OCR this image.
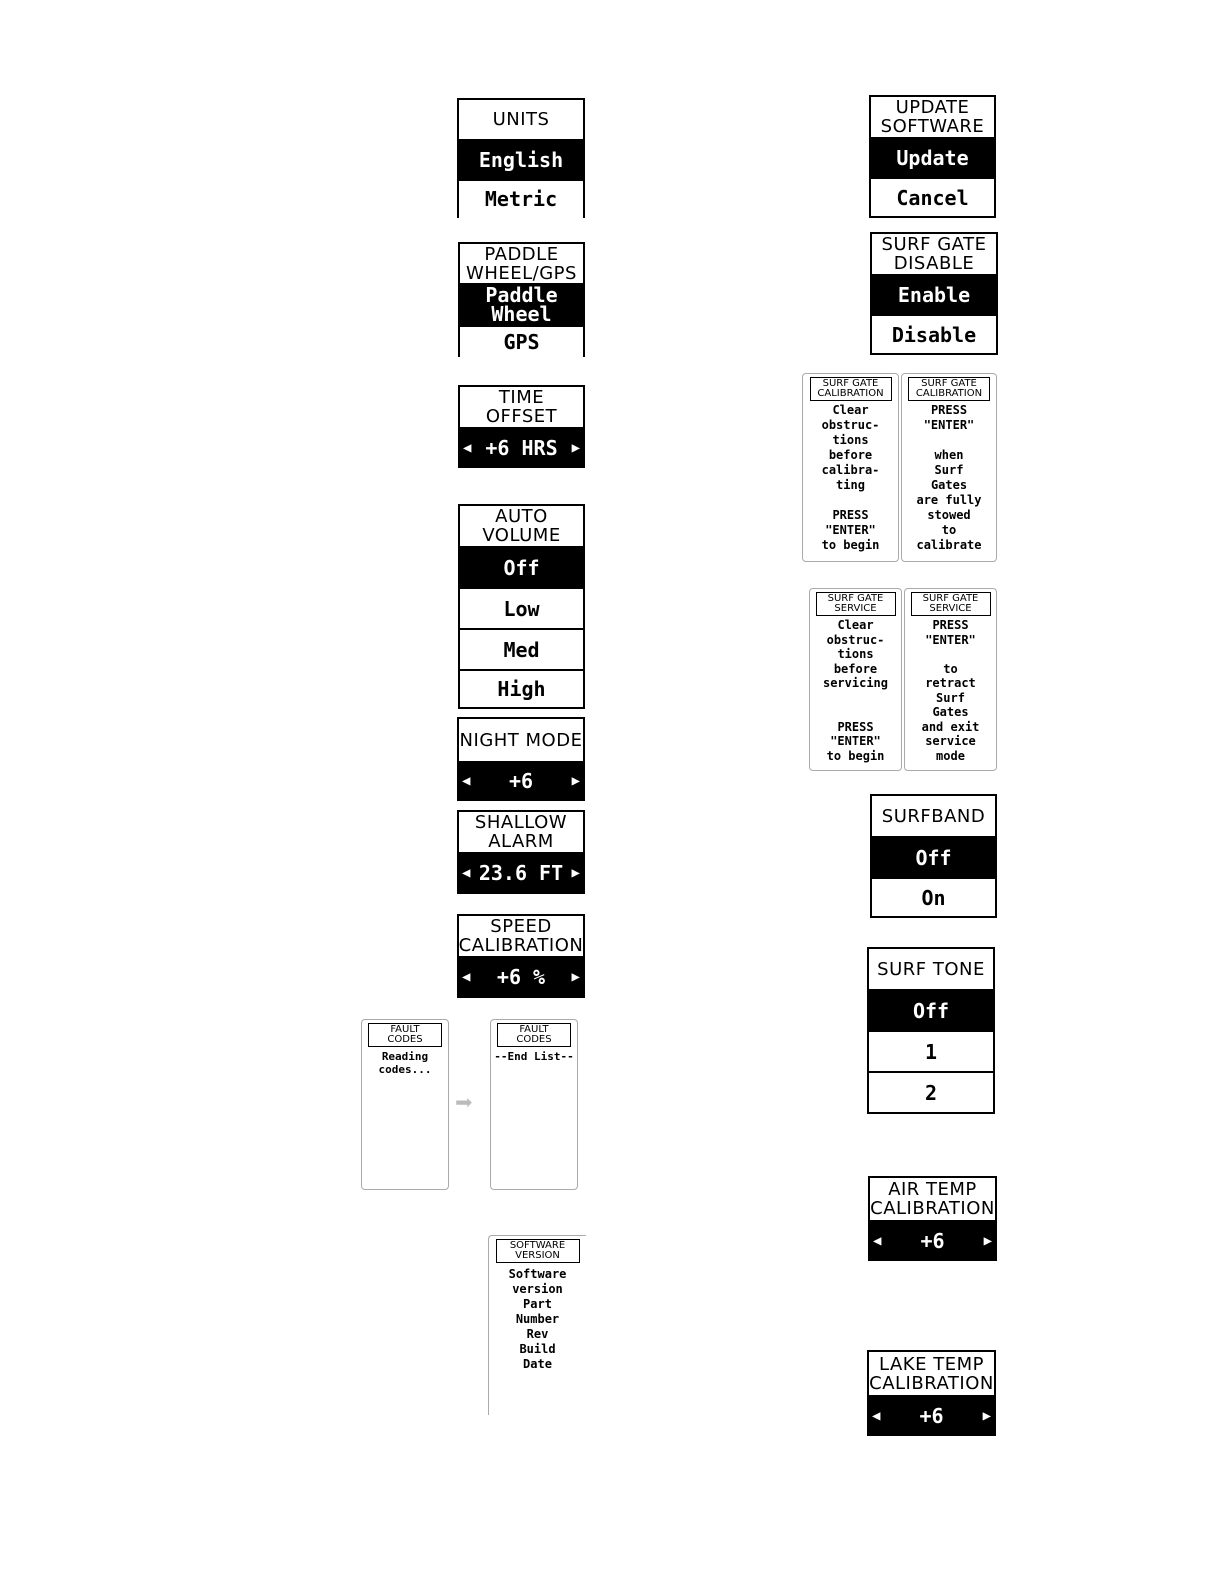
UNITS
English
Metric
PADDLE
WHEEL/GPS
Paddle
Wheel
GPS
TIME
OFFSET
◀ +6 HRS ▶
AUTO
VOLUME
Off
Low
Med
High
NIGHT MODE
◀ +6	▶
SHALLOW
ALARM
◀ 23.6 FT ▶
SPEED
CALIBRATION
◀ +6 % ▶
FAULT
CODES
Reading
codes...
➡
FAULT
CODES
--End List--
SOFTWARE
VERSION
Software
version
Part
Number
Rev
Build
Date
UPDATE
SOFTWARE
Update
Cancel
SURF GATE
DISABLE
Enable
Disable
SURF GATE
CALIBRATION
Clear
obstruc-
tions
before
calibra-
ting

PRESS
"ENTER"
to begin
SURF GATE
CALIBRATION
PRESS
"ENTER"

when
Surf
Gates
are fully
stowed
to
calibrate
SURF GATE
SERVICE
Clear
obstruc-
tions
before
servicing

PRESS
"ENTER"
to begin
SURF GATE
SERVICE
PRESS
"ENTER"

to
retract
Surf
Gates
and exit
service
mode
SURFBAND
Off
On
SURF TONE
Off
1
2
AIR TEMP
CALIBRATION
◀ +6	▶
LAKE TEMP
CALIBRATION
◀ +6	▶
